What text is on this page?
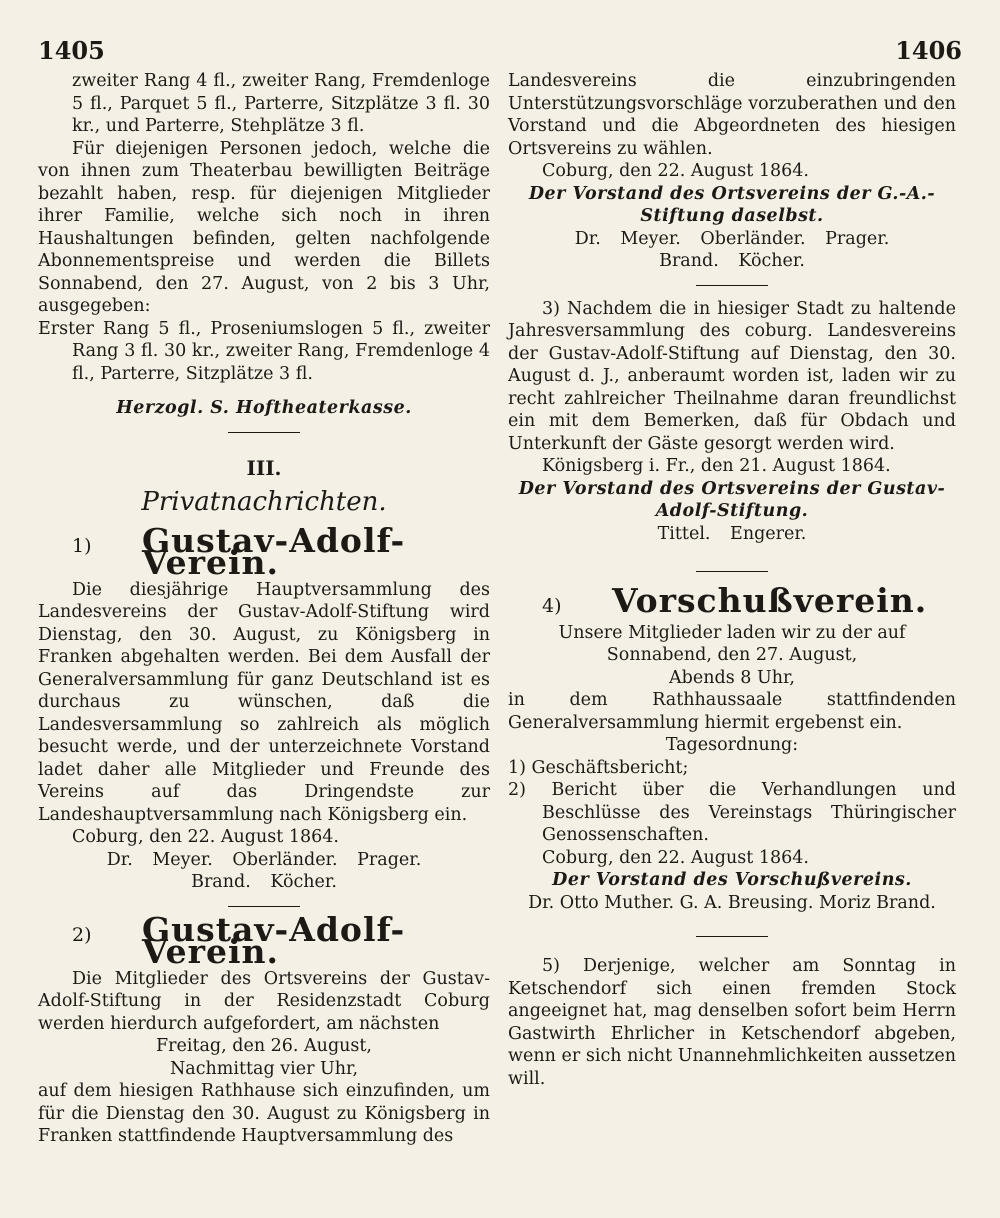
1405	1406

zweiter Rang 4 fl., zweiter Rang, Fremdenloge 5 fl., Parquet 5 fl., Parterre, Sitzplätze 3 fl. 30 kr., und Parterre, Stehplätze 3 fl.

Für diejenigen Personen jedoch, welche die von ihnen zum Theaterbau bewilligten Beiträge bezahlt haben, resp. für diejenigen Mitglieder ihrer Familie, welche sich noch in ihren Haushaltungen befinden, gelten nachfolgende Abonnementspreise und werden die Billets Sonnabend, den 27. August, von 2 bis 3 Uhr, ausgegeben:

Erster Rang 5 fl., Proseniumslogen 5 fl., zweiter Rang 3 fl. 30 kr., zweiter Rang, Fremdenloge 4 fl., Parterre, Sitzplätze 3 fl.

Herzogl. S. Hoftheaterkasse.

III.
Privatnachrichten.
1)	Gustav-Adolf-Verein.

Die diesjährige Hauptversammlung des Landesvereins der Gustav-Adolf-Stiftung wird Dienstag, den 30. August, zu Königsberg in Franken abgehalten werden. Bei dem Ausfall der Generalversammlung für ganz Deutschland ist es durchaus zu wünschen, daß die Landesversammlung so zahlreich als möglich besucht werde, und der unterzeichnete Vorstand ladet daher alle Mitglieder und Freunde des Vereins auf das Dringendste zur Landeshauptversammlung nach Königsberg ein.

Coburg, den 22. August 1864.

Dr. Meyer. Oberländer. Prager.

Brand. Köcher.

2)	Gustav-Adolf-Verein.

Die Mitglieder des Ortsvereins der Gustav-Adolf-Stiftung in der Residenzstadt Coburg werden hierdurch aufgefordert, am nächsten

Freitag, den 26. August,

Nachmittag vier Uhr,

auf dem hiesigen Rathhause sich einzufinden, um für die Dienstag den 30. August zu Königsberg in Franken stattfindende Hauptversammlung des

Landesvereins die einzubringenden Unterstützungsvorschläge vorzuberathen und den Vorstand und die Abgeordneten des hiesigen Ortsvereins zu wählen.

Coburg, den 22. August 1864.

Der Vorstand des Ortsvereins der G.-A.-Stiftung daselbst.

Dr. Meyer. Oberländer. Prager.

Brand. Köcher.

3) Nachdem die in hiesiger Stadt zu haltende Jahresversammlung des coburg. Landesvereins der Gustav-Adolf-Stiftung auf Dienstag, den 30. August d. J., anberaumt worden ist, laden wir zu recht zahlreicher Theilnahme daran freundlichst ein mit dem Bemerken, daß für Obdach und Unterkunft der Gäste gesorgt werden wird.

Königsberg i. Fr., den 21. August 1864.

Der Vorstand des Ortsvereins der Gustav-Adolf-Stiftung.

Tittel. Engerer.

4)	Vorschußverein.

Unsere Mitglieder laden wir zu der auf

Sonnabend, den 27. August,

Abends 8 Uhr,

in dem Rathhaussaale stattfindenden Generalversammlung hiermit ergebenst ein.

Tagesordnung:

1) Geschäftsbericht;

2) Bericht über die Verhandlungen und Beschlüsse des Vereinstags Thüringischer Genossenschaften.

Coburg, den 22. August 1864.

Der Vorstand des Vorschußvereins.

Dr. Otto Muther. G. A. Breusing. Moriz Brand.

5) Derjenige, welcher am Sonntag in Ketschendorf sich einen fremden Stock angeeignet hat, mag denselben sofort beim Herrn Gastwirth Ehrlicher in Ketschendorf abgeben, wenn er sich nicht Unannehmlichkeiten aussetzen will.
